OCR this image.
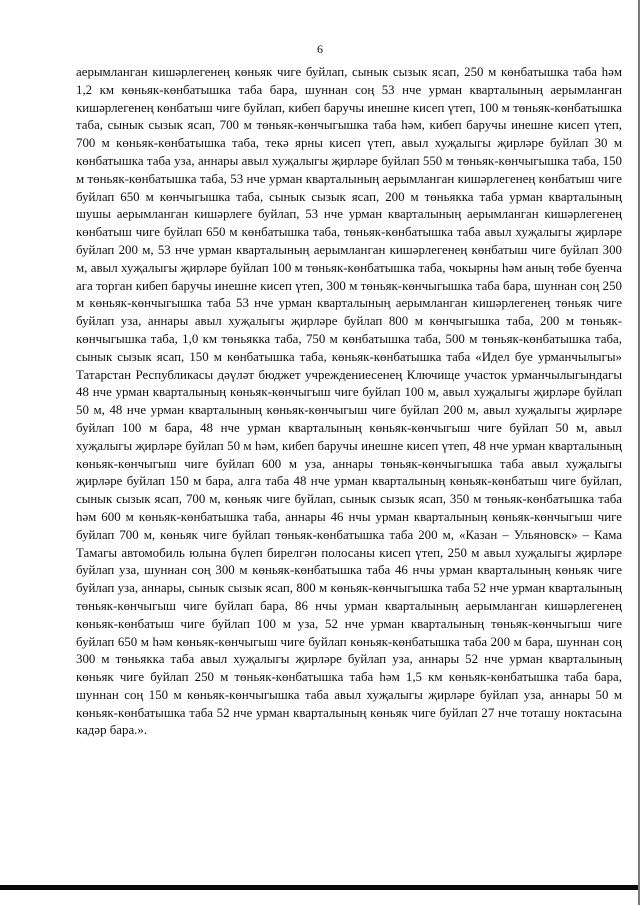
6

аерымланган кишәрлегенең көньяк чиге буйлап, сынык сызык ясап, 250 м көнбатышка таба һәм 1,2 км көньяк-көнбатышка таба бара, шуннан соң 53 нче урман кварталының аерымланган кишәрлегенең көнбатыш чиге буйлап, кибеп баручы инешне кисеп үтеп, 100 м төньяк-көнбатышка таба, сынык сызык ясап, 700 м төньяк-көнчыгышка таба һәм, кибеп баручы инешне кисеп үтеп, 700 м көньяк-көнбатышка таба, текә ярны кисеп үтеп, авыл хуҗалыгы җирләре буйлап 30 м көнбатышка таба уза, аннары авыл хуҗалыгы җирләре буйлап 550 м төньяк-көнчыгышка таба, 150 м төньяк-көнбатышка таба, 53 нче урман кварталының аерымланган кишәрлегенең көнбатыш чиге буйлап 650 м көнчыгышка таба, сынык сызык ясап, 200 м төньякка таба урман кварталының шушы аерымланган кишәрлеге буйлап, 53 нче урман кварталының аерымланган кишәрлегенең көнбатыш чиге буйлап 650 м көнбатышка таба, төньяк-көнбатышка таба авыл хуҗалыгы җирләре буйлап 200 м, 53 нче урман кварталының аерымланган кишәрлегенең көнбатыш чиге буйлап 300 м, авыл хуҗалыгы җирләре буйлап 100 м төньяк-көнбатышка таба, чокырны һәм аның төбе буенча ага торган кибеп баручы инешне кисеп үтеп, 300 м төньяк-көнчыгышка таба бара, шуннан соң 250 м көньяк-көнчыгышка таба 53 нче урман кварталының аерымланган кишәрлегенең төньяк чиге буйлап уза, аннары авыл хуҗалыгы җирләре буйлап 800 м көнчыгышка таба, 200 м төньяк-көнчыгышка таба, 1,0 км төньякка таба, 750 м көнбатышка таба, 500 м төньяк-көнбатышка таба, сынык сызык ясап, 150 м көнбатышка таба, көньяк-көнбатышка таба «Идел буе урманчылыгы» Татарстан Республикасы дәүләт бюджет учреждениесенең Ключище участок урманчылыгындагы 48 нче урман кварталының көньяк-көнчыгыш чиге буйлап 100 м, авыл хуҗалыгы җирләре буйлап 50 м, 48 нче урман кварталының көньяк-көнчыгыш чиге буйлап 200 м, авыл хуҗалыгы җирләре буйлап 100 м бара, 48 нче урман кварталының көньяк-көнчыгыш чиге буйлап 50 м, авыл хуҗалыгы җирләре буйлап 50 м һәм, кибеп баручы инешне кисеп үтеп, 48 нче урман кварталының көньяк-көнчыгыш чиге буйлап 600 м уза, аннары төньяк-көнчыгышка таба авыл хуҗалыгы җирләре буйлап 150 м бара, алга таба 48 нче урман кварталының көньяк-көнбатыш чиге буйлап, сынык сызык ясап, 700 м, көньяк чиге буйлап, сынык сызык ясап, 350 м төньяк-көнбатышка таба һәм 600 м көньяк-көнбатышка таба, аннары 46 нчы урман кварталының көньяк-көнчыгыш чиге буйлап 700 м, көньяк чиге буйлап төньяк-көнбатышка таба 200 м, «Казан – Ульяновск» – Кама Тамагы автомобиль юлына бүлеп бирелгән полосаны кисеп үтеп, 250 м авыл хуҗалыгы җирләре буйлап уза, шуннан соң 300 м көньяк-көнбатышка таба 46 нчы урман кварталының көньяк чиге буйлап уза, аннары, сынык сызык ясап, 800 м көньяк-көнчыгышка таба 52 нче урман кварталының төньяк-көнчыгыш чиге буйлап бара, 86 нчы урман кварталының аерымланган кишәрлегенең көньяк-көнбатыш чиге буйлап 100 м уза, 52 нче урман кварталының төньяк-көнчыгыш чиге буйлап 650 м һәм көньяк-көнчыгыш чиге буйлап көньяк-көнбатышка таба 200 м бара, шуннан соң 300 м төньякка таба авыл хуҗалыгы җирләре буйлап уза, аннары 52 нче урман кварталының көньяк чиге буйлап 250 м төньяк-көнбатышка таба һәм 1,5 км көньяк-көнбатышка таба бара, шуннан соң 150 м көньяк-көнчыгышка таба авыл хуҗалыгы җирләре буйлап уза, аннары 50 м көньяк-көнбатышка таба 52 нче урман кварталының көньяк чиге буйлап 27 нче тоташу ноктасына кадәр бара.».
